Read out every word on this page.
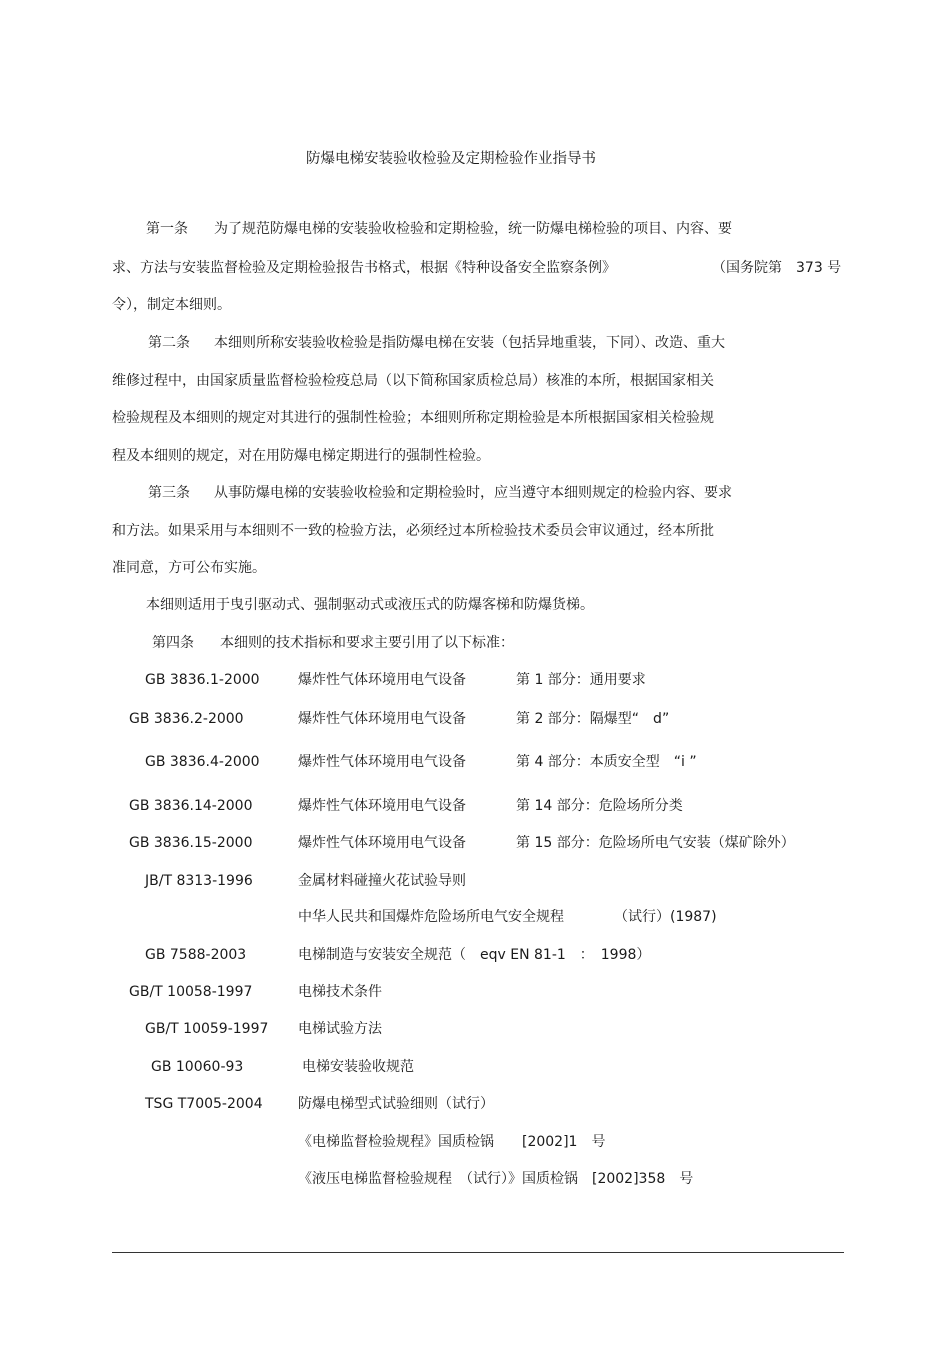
防爆电梯安装验收检验及定期检验作业指导书
第一条 为了规范防爆电梯的安装验收检验和定期检验，统一防爆电梯检验的项目、内容、要
求、方法与安装监督检验及定期检验报告书格式，根据《特种设备安全监察条例》	（国务院第　373 号
令），制定本细则。
第二条 本细则所称安装验收检验是指防爆电梯在安装（包括异地重装，下同）、改造、重大
维修过程中，由国家质量监督检验检疫总局（以下简称国家质检总局）核准的本所，根据国家相关
检验规程及本细则的规定对其进行的强制性检验；本细则所称定期检验是本所根据国家相关检验规
程及本细则的规定，对在用防爆电梯定期进行的强制性检验。
第三条 从事防爆电梯的安装验收检验和定期检验时，应当遵守本细则规定的检验内容、要求
和方法。如果采用与本细则不一致的检验方法，必须经过本所检验技术委员会审议通过，经本所批
准同意，方可公布实施。
本细则适用于曳引驱动式、强制驱动式或液压式的防爆客梯和防爆货梯。
第四条 本细则的技术指标和要求主要引用了以下标准：
GB 3836.1-2000	爆炸性气体环境用电气设备	第 1 部分：通用要求
GB 3836.2-2000	爆炸性气体环境用电气设备	第 2 部分：隔爆型“　d”
GB 3836.4-2000	爆炸性气体环境用电气设备	第 4 部分：本质安全型　“i ”
GB 3836.14-2000	爆炸性气体环境用电气设备	第 14 部分：危险场所分类
GB 3836.15-2000	爆炸性气体环境用电气设备	第 15 部分：危险场所电气安装（煤矿除外）
JB/T 8313-1996	金属材料碰撞火花试验导则
中华人民共和国爆炸危险场所电气安全规程	（试行）(1987)
GB 7588-2003	电梯制造与安装安全规范（　eqv EN 81-1　：　1998）
GB/T 10058-1997	电梯技术条件
GB/T 10059-1997 电梯试验方法
GB 10060-93	电梯安装验收规范
TSG T7005-2004	防爆电梯型式试验细则（试行）
《电梯监督检验规程》国质检锅　　[2002]1　号
《液压电梯监督检验规程　（试行）》国质检锅　[2002]358　号
